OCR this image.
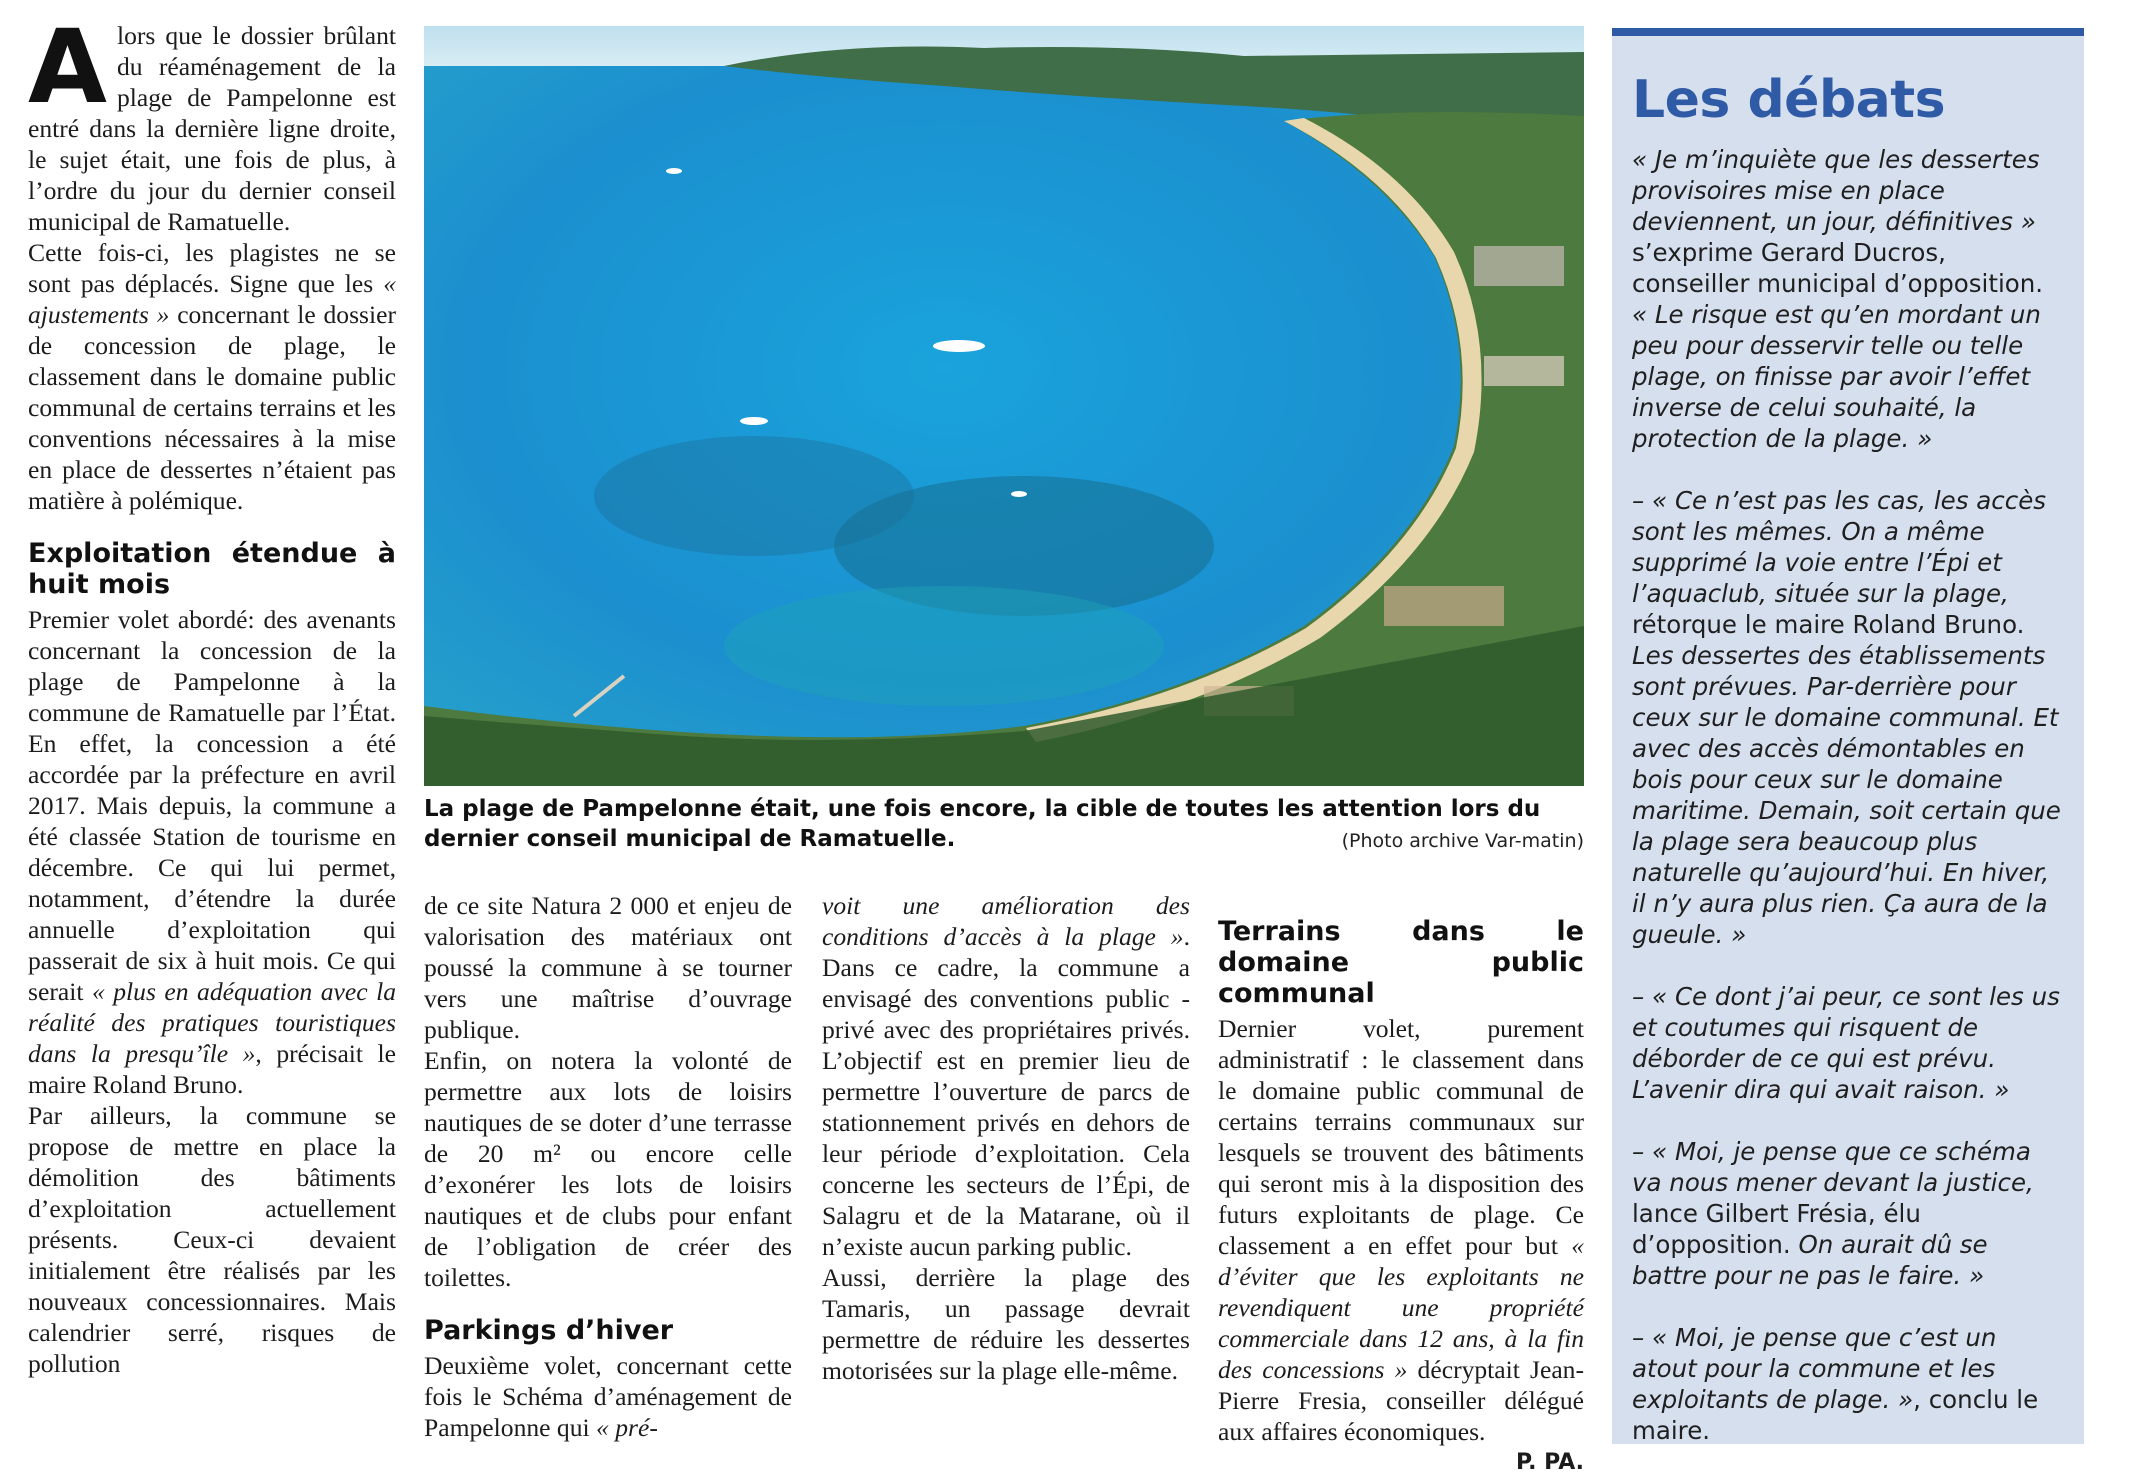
Alors que le dossier brûlant du réaménagement de la plage de Pampelonne est entré dans la dernière ligne droite, le sujet était, une fois de plus, à l’ordre du jour du dernier conseil municipal de Ramatuelle.

Cette fois-ci, les plagistes ne se sont pas déplacés. Signe que les « ajustements » concernant le dossier de concession de plage, le classement dans le domaine public communal de certains terrains et les conventions nécessaires à la mise en place de dessertes n’étaient pas matière à polémique.

Exploitation étendue à huit mois

Premier volet abordé: des avenants concernant la concession de la plage de Pampelonne à la commune de Ramatuelle par l’État. En effet, la concession a été accordée par la préfecture en avril 2017. Mais depuis, la commune a été classée Station de tourisme en décembre. Ce qui lui permet, notamment, d’étendre la durée annuelle d’exploitation qui passerait de six à huit mois. Ce qui serait « plus en adéquation avec la réalité des pratiques touristiques dans la presqu’île », précisait le maire Roland Bruno.

Par ailleurs, la commune se propose de mettre en place la démolition des bâtiments d’exploitation actuellement présents. Ceux-ci devaient initialement être réalisés par les nouveaux concessionnaires. Mais calendrier serré, risques de pollution

La plage de Pampelonne était, une fois encore, la cible de toutes les attention lors du dernier conseil municipal de Ramatuelle.	(Photo archive Var-matin)

de ce site Natura 2 000 et enjeu de valorisation des matériaux ont poussé la commune à se tourner vers une maîtrise d’ouvrage publique.

Enfin, on notera la volonté de permettre aux lots de loisirs nautiques de se doter d’une terrasse de 20 m² ou encore celle d’exonérer les lots de loisirs nautiques et de clubs pour enfant de l’obligation de créer des toilettes.

Parkings d’hiver

Deuxième volet, concernant cette fois le Schéma d’aménagement de Pampelonne qui « pré-

voit une amélioration des conditions d’accès à la plage ». Dans ce cadre, la commune a envisagé des conventions public - privé avec des propriétaires privés. L’objectif est en premier lieu de permettre l’ouverture de parcs de stationnement privés en dehors de leur période d’exploitation. Cela concerne les secteurs de l’Épi, de Salagru et de la Matarane, où il n’existe aucun parking public.

Aussi, derrière la plage des Tamaris, un passage devrait permettre de réduire les dessertes motorisées sur la plage elle-même.

Terrains dans le domaine public communal

Dernier volet, purement administratif : le classement dans le domaine public communal de certains terrains communaux sur lesquels se trouvent des bâtiments qui seront mis à la disposition des futurs exploitants de plage. Ce classement a en effet pour but « d’éviter que les exploitants ne revendiquent une propriété commerciale dans 12 ans, à la fin des concessions » décryptait Jean-Pierre Fresia, conseiller délégué aux affaires économiques.

P. PA.
Les débats

« Je m’inquiète que les dessertes provisoires mise en place deviennent, un jour, définitives » s’exprime Gerard Ducros, conseiller municipal d’opposition. « Le risque est qu’en mordant un peu pour desservir telle ou telle plage, on finisse par avoir l’effet inverse de celui souhaité, la protection de la plage. »

– « Ce n’est pas les cas, les accès sont les mêmes. On a même supprimé la voie entre l’Épi et l’aquaclub, située sur la plage, rétorque le maire Roland Bruno. Les dessertes des établissements sont prévues. Par-derrière pour ceux sur le domaine communal. Et avec des accès démontables en bois pour ceux sur le domaine maritime. Demain, soit certain que la plage sera beaucoup plus naturelle qu’aujourd’hui. En hiver, il n’y aura plus rien. Ça aura de la gueule. »

– « Ce dont j’ai peur, ce sont les us et coutumes qui risquent de déborder de ce qui est prévu. L’avenir dira qui avait raison. »

– « Moi, je pense que ce schéma va nous mener devant la justice, lance Gilbert Frésia, élu d’opposition. On aurait dû se battre pour ne pas le faire. »

– « Moi, je pense que c’est un atout pour la commune et les exploitants de plage. », conclu le maire.
